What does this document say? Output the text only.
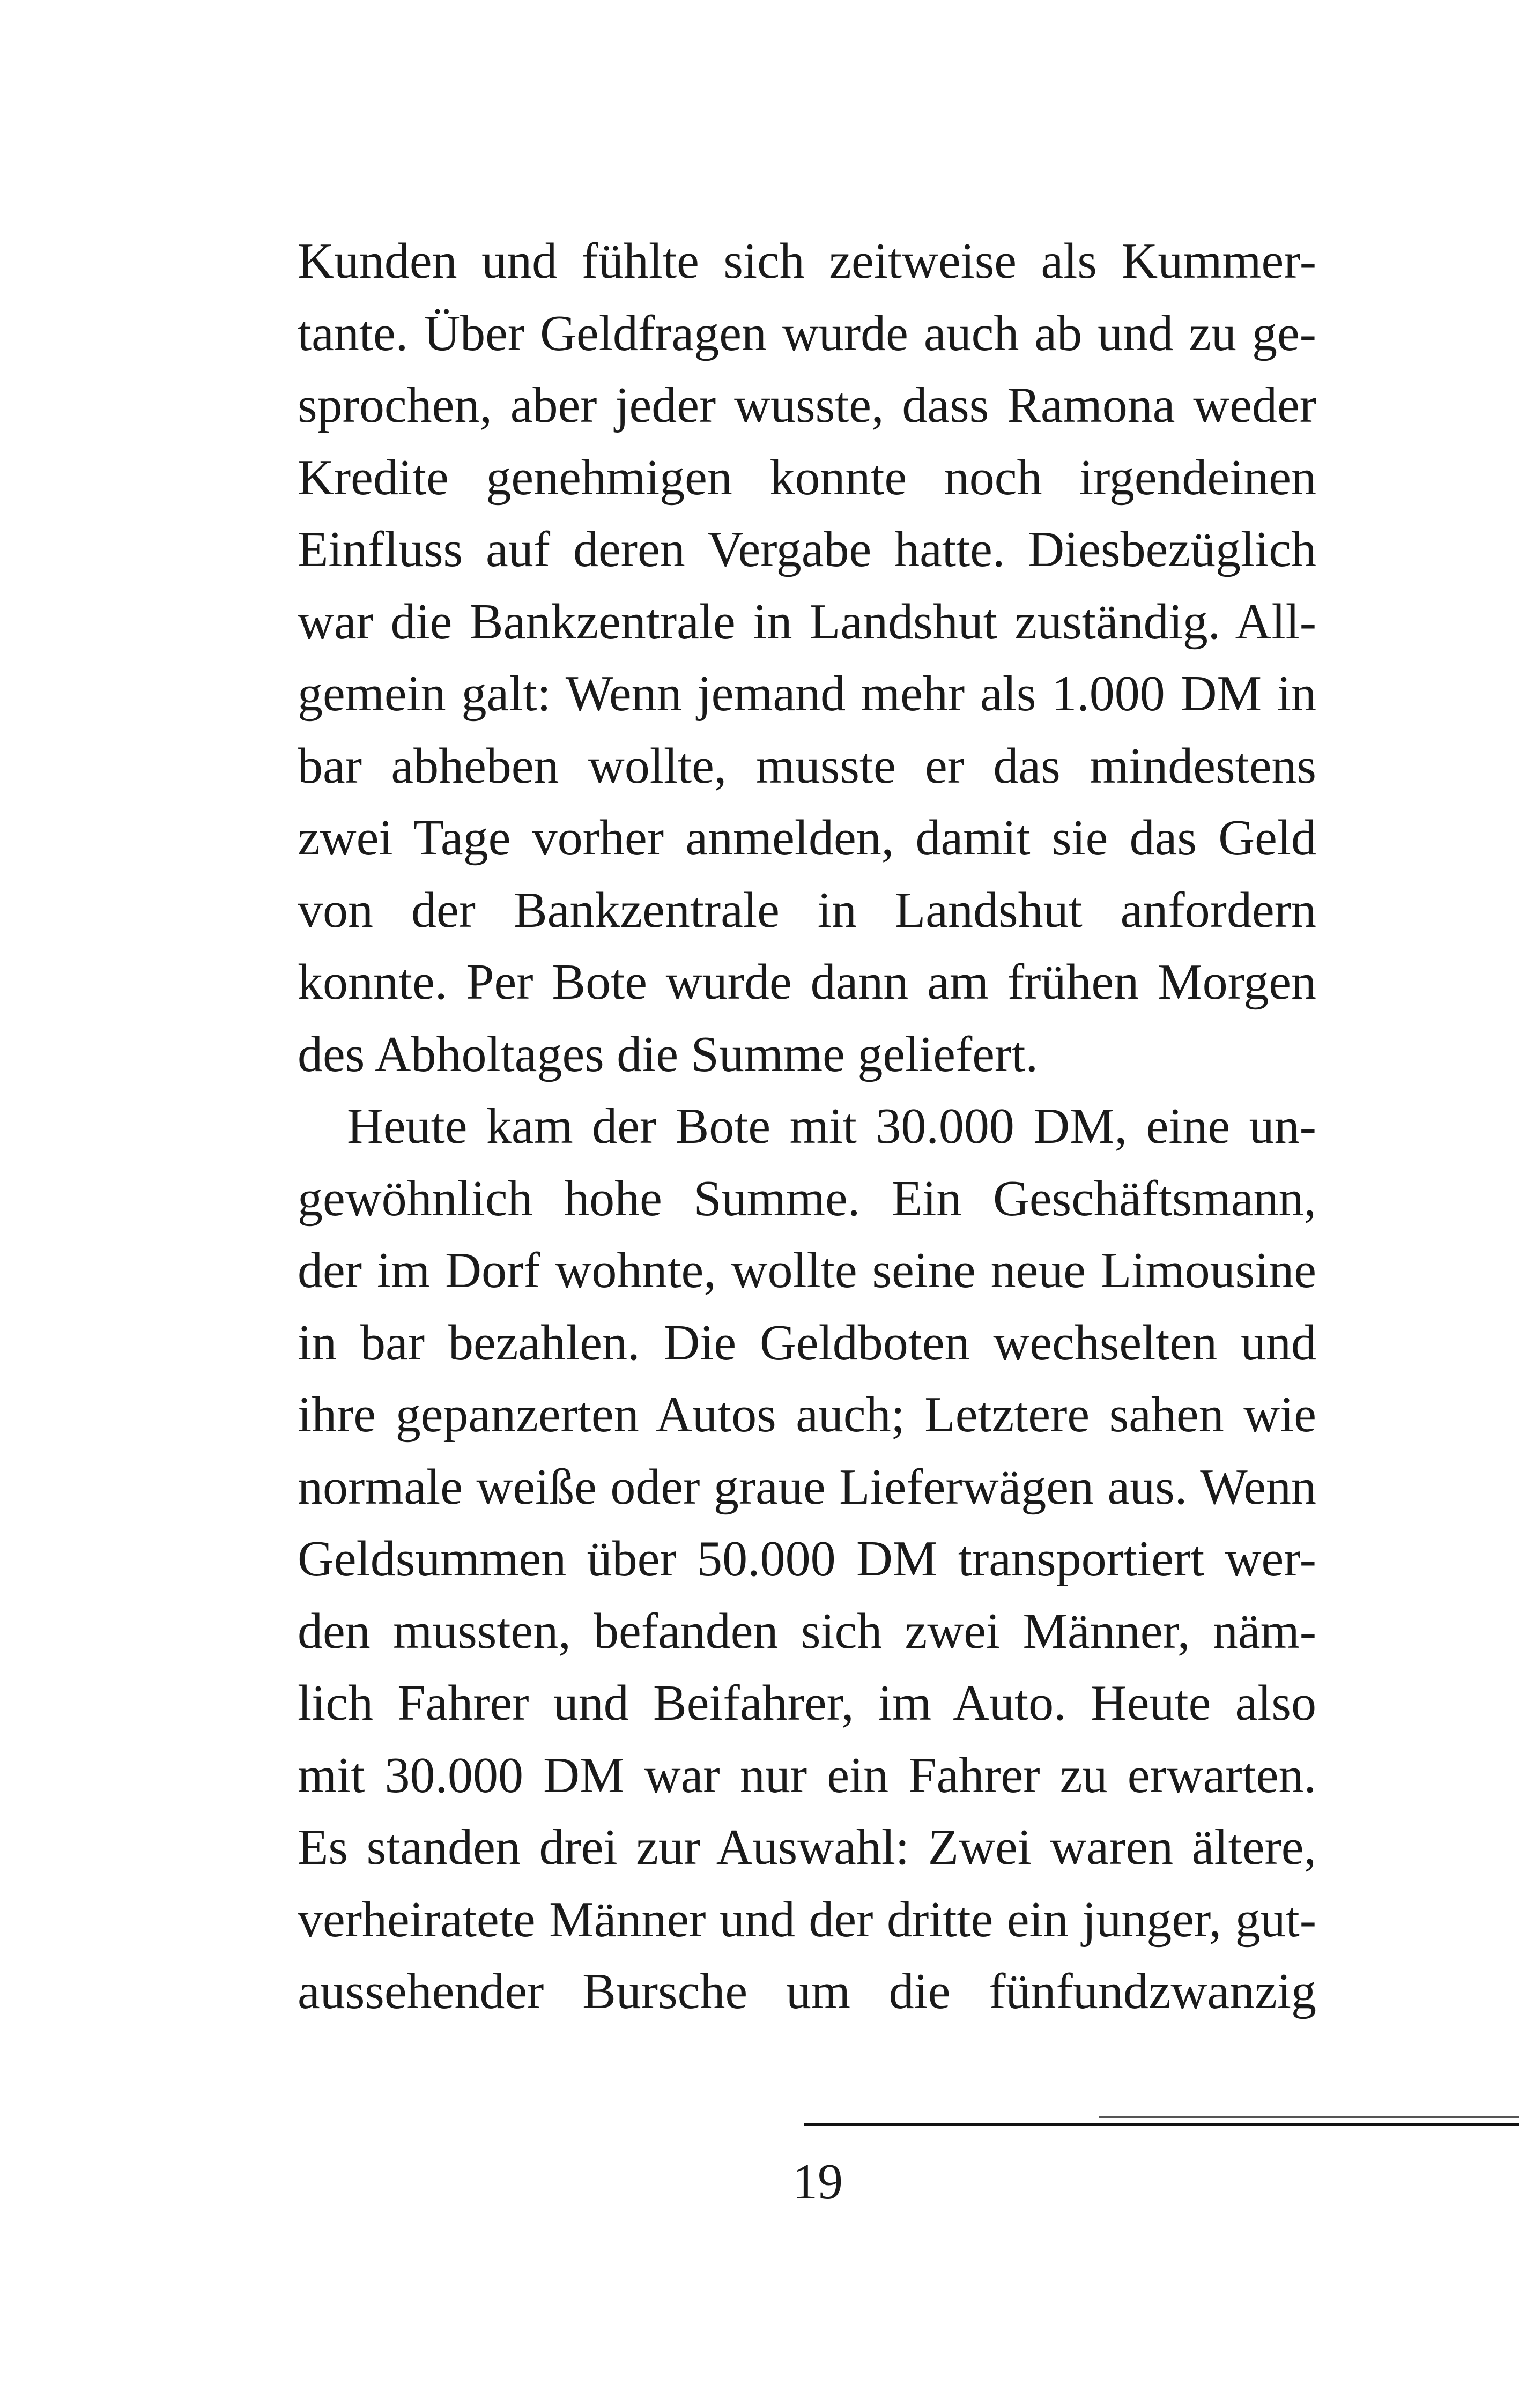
Kunden und fühlte sich zeitweise als Kummer-
tante. Über Geldfragen wurde auch ab und zu ge-
sprochen, aber jeder wusste, dass Ramona weder
Kredite genehmigen konnte noch irgendeinen
Einfluss auf deren Vergabe hatte. Diesbezüglich
war die Bankzentrale in Landshut zuständig. All-
gemein galt: Wenn jemand mehr als 1.000 DM in
bar abheben wollte, musste er das mindestens
zwei Tage vorher anmelden, damit sie das Geld
von der Bankzentrale in Landshut anfordern
konnte. Per Bote wurde dann am frühen Morgen
des Abholtages die Summe geliefert.
Heute kam der Bote mit 30.000 DM, eine un-
gewöhnlich hohe Summe. Ein Geschäftsmann,
der im Dorf wohnte, wollte seine neue Limousine
in bar bezahlen. Die Geldboten wechselten und
ihre gepanzerten Autos auch; Letztere sahen wie
normale weiße oder graue Lieferwägen aus. Wenn
Geldsummen über 50.000 DM transportiert wer-
den mussten, befanden sich zwei Männer, näm-
lich Fahrer und Beifahrer, im Auto. Heute also
mit 30.000 DM war nur ein Fahrer zu erwarten.
Es standen drei zur Auswahl: Zwei waren ältere,
verheiratete Männer und der dritte ein junger, gut-
aussehender Bursche um die fünfundzwanzig
19
